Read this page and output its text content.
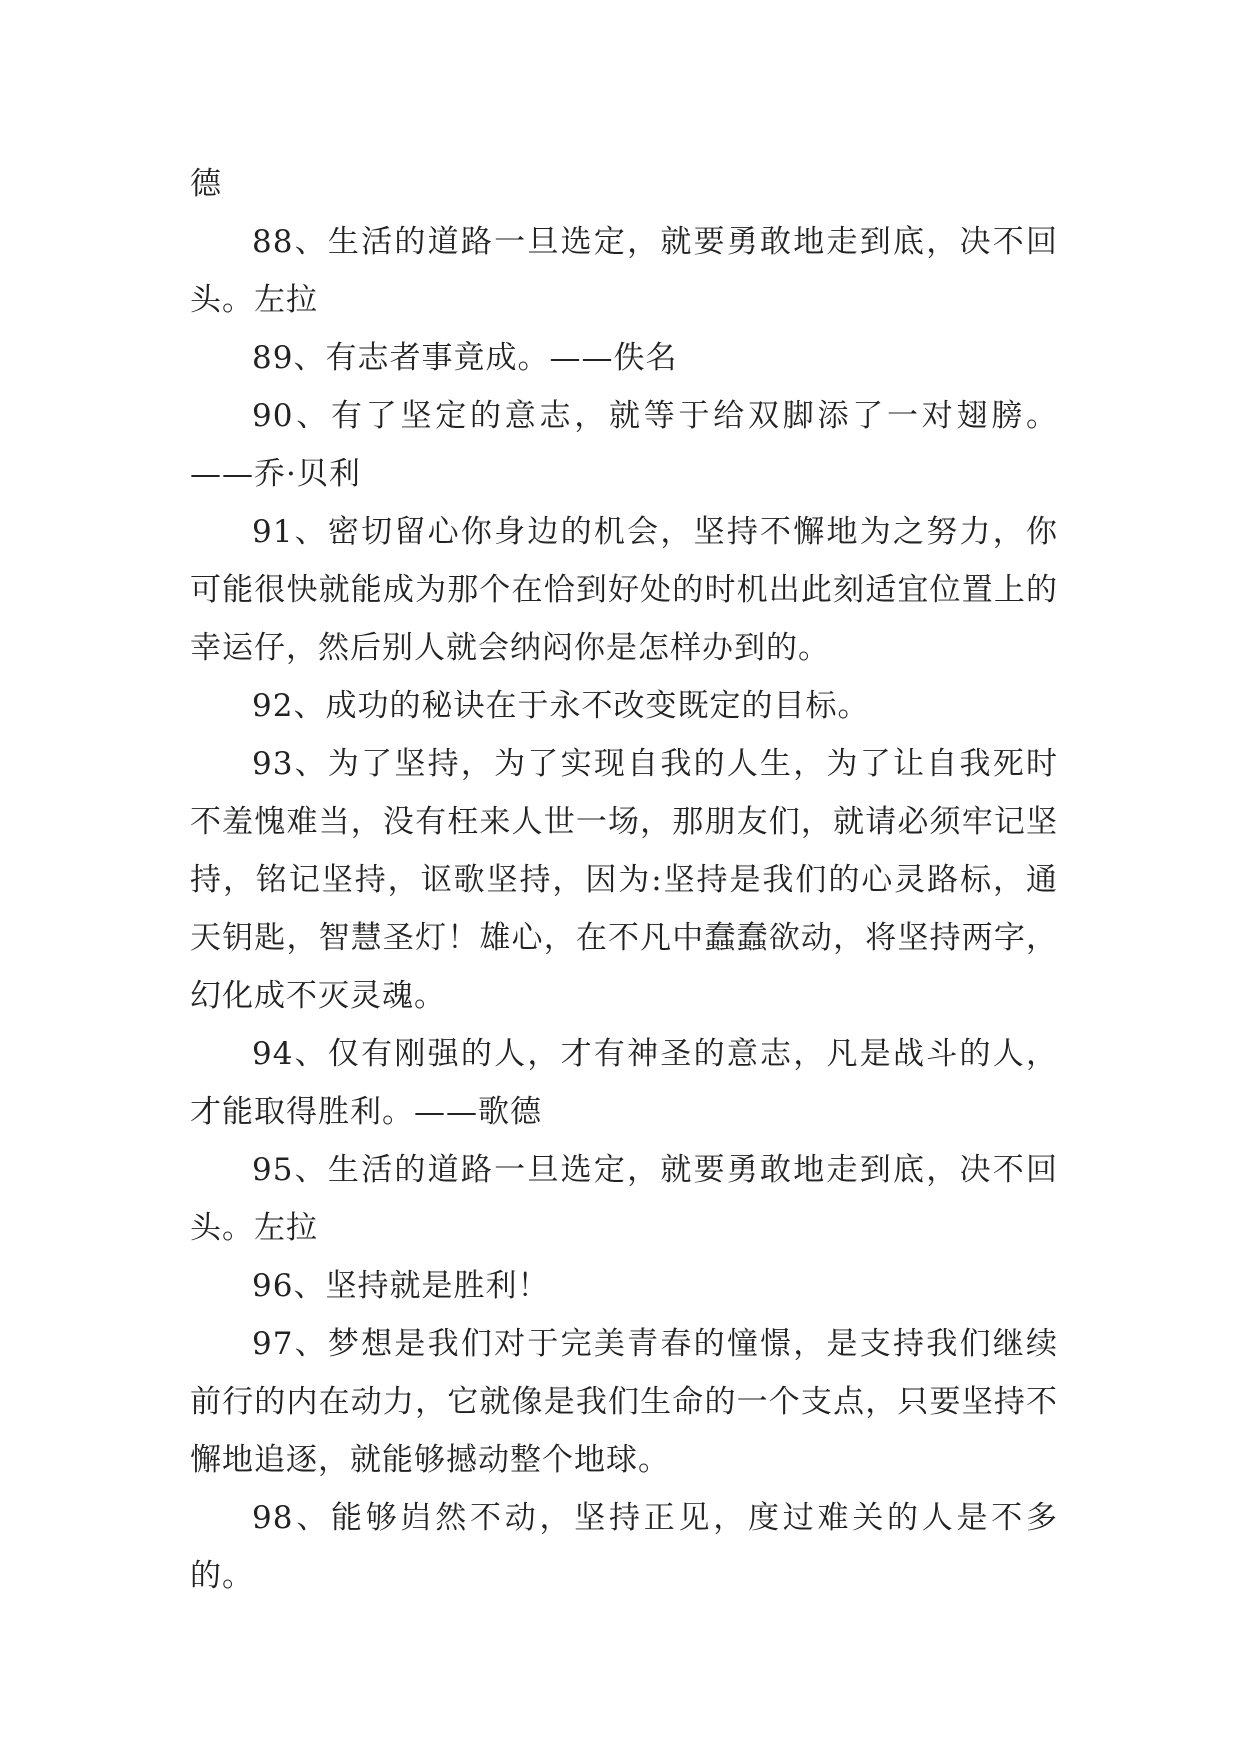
德

88、生活的道路一旦选定，就要勇敢地走到底，决不回头。左拉

89、有志者事竟成。——佚名

90、有了坚定的意志，就等于给双脚添了一对翅膀。——乔·贝利

91、密切留心你身边的机会，坚持不懈地为之努力，你可能很快就能成为那个在恰到好处的时机出此刻适宜位置上的幸运仔，然后别人就会纳闷你是怎样办到的。

92、成功的秘诀在于永不改变既定的目标。

93、为了坚持，为了实现自我的人生，为了让自我死时不羞愧难当，没有枉来人世一场，那朋友们，就请必须牢记坚持，铭记坚持，讴歌坚持，因为:坚持是我们的心灵路标，通天钥匙，智慧圣灯！雄心，在不凡中蠢蠢欲动，将坚持两字，幻化成不灭灵魂。

94、仅有刚强的人，才有神圣的意志，凡是战斗的人，才能取得胜利。——歌德

95、生活的道路一旦选定，就要勇敢地走到底，决不回头。左拉

96、坚持就是胜利！

97、梦想是我们对于完美青春的憧憬，是支持我们继续前行的内在动力，它就像是我们生命的一个支点，只要坚持不懈地追逐，就能够撼动整个地球。

98、能够岿然不动，坚持正见，度过难关的人是不多的。
